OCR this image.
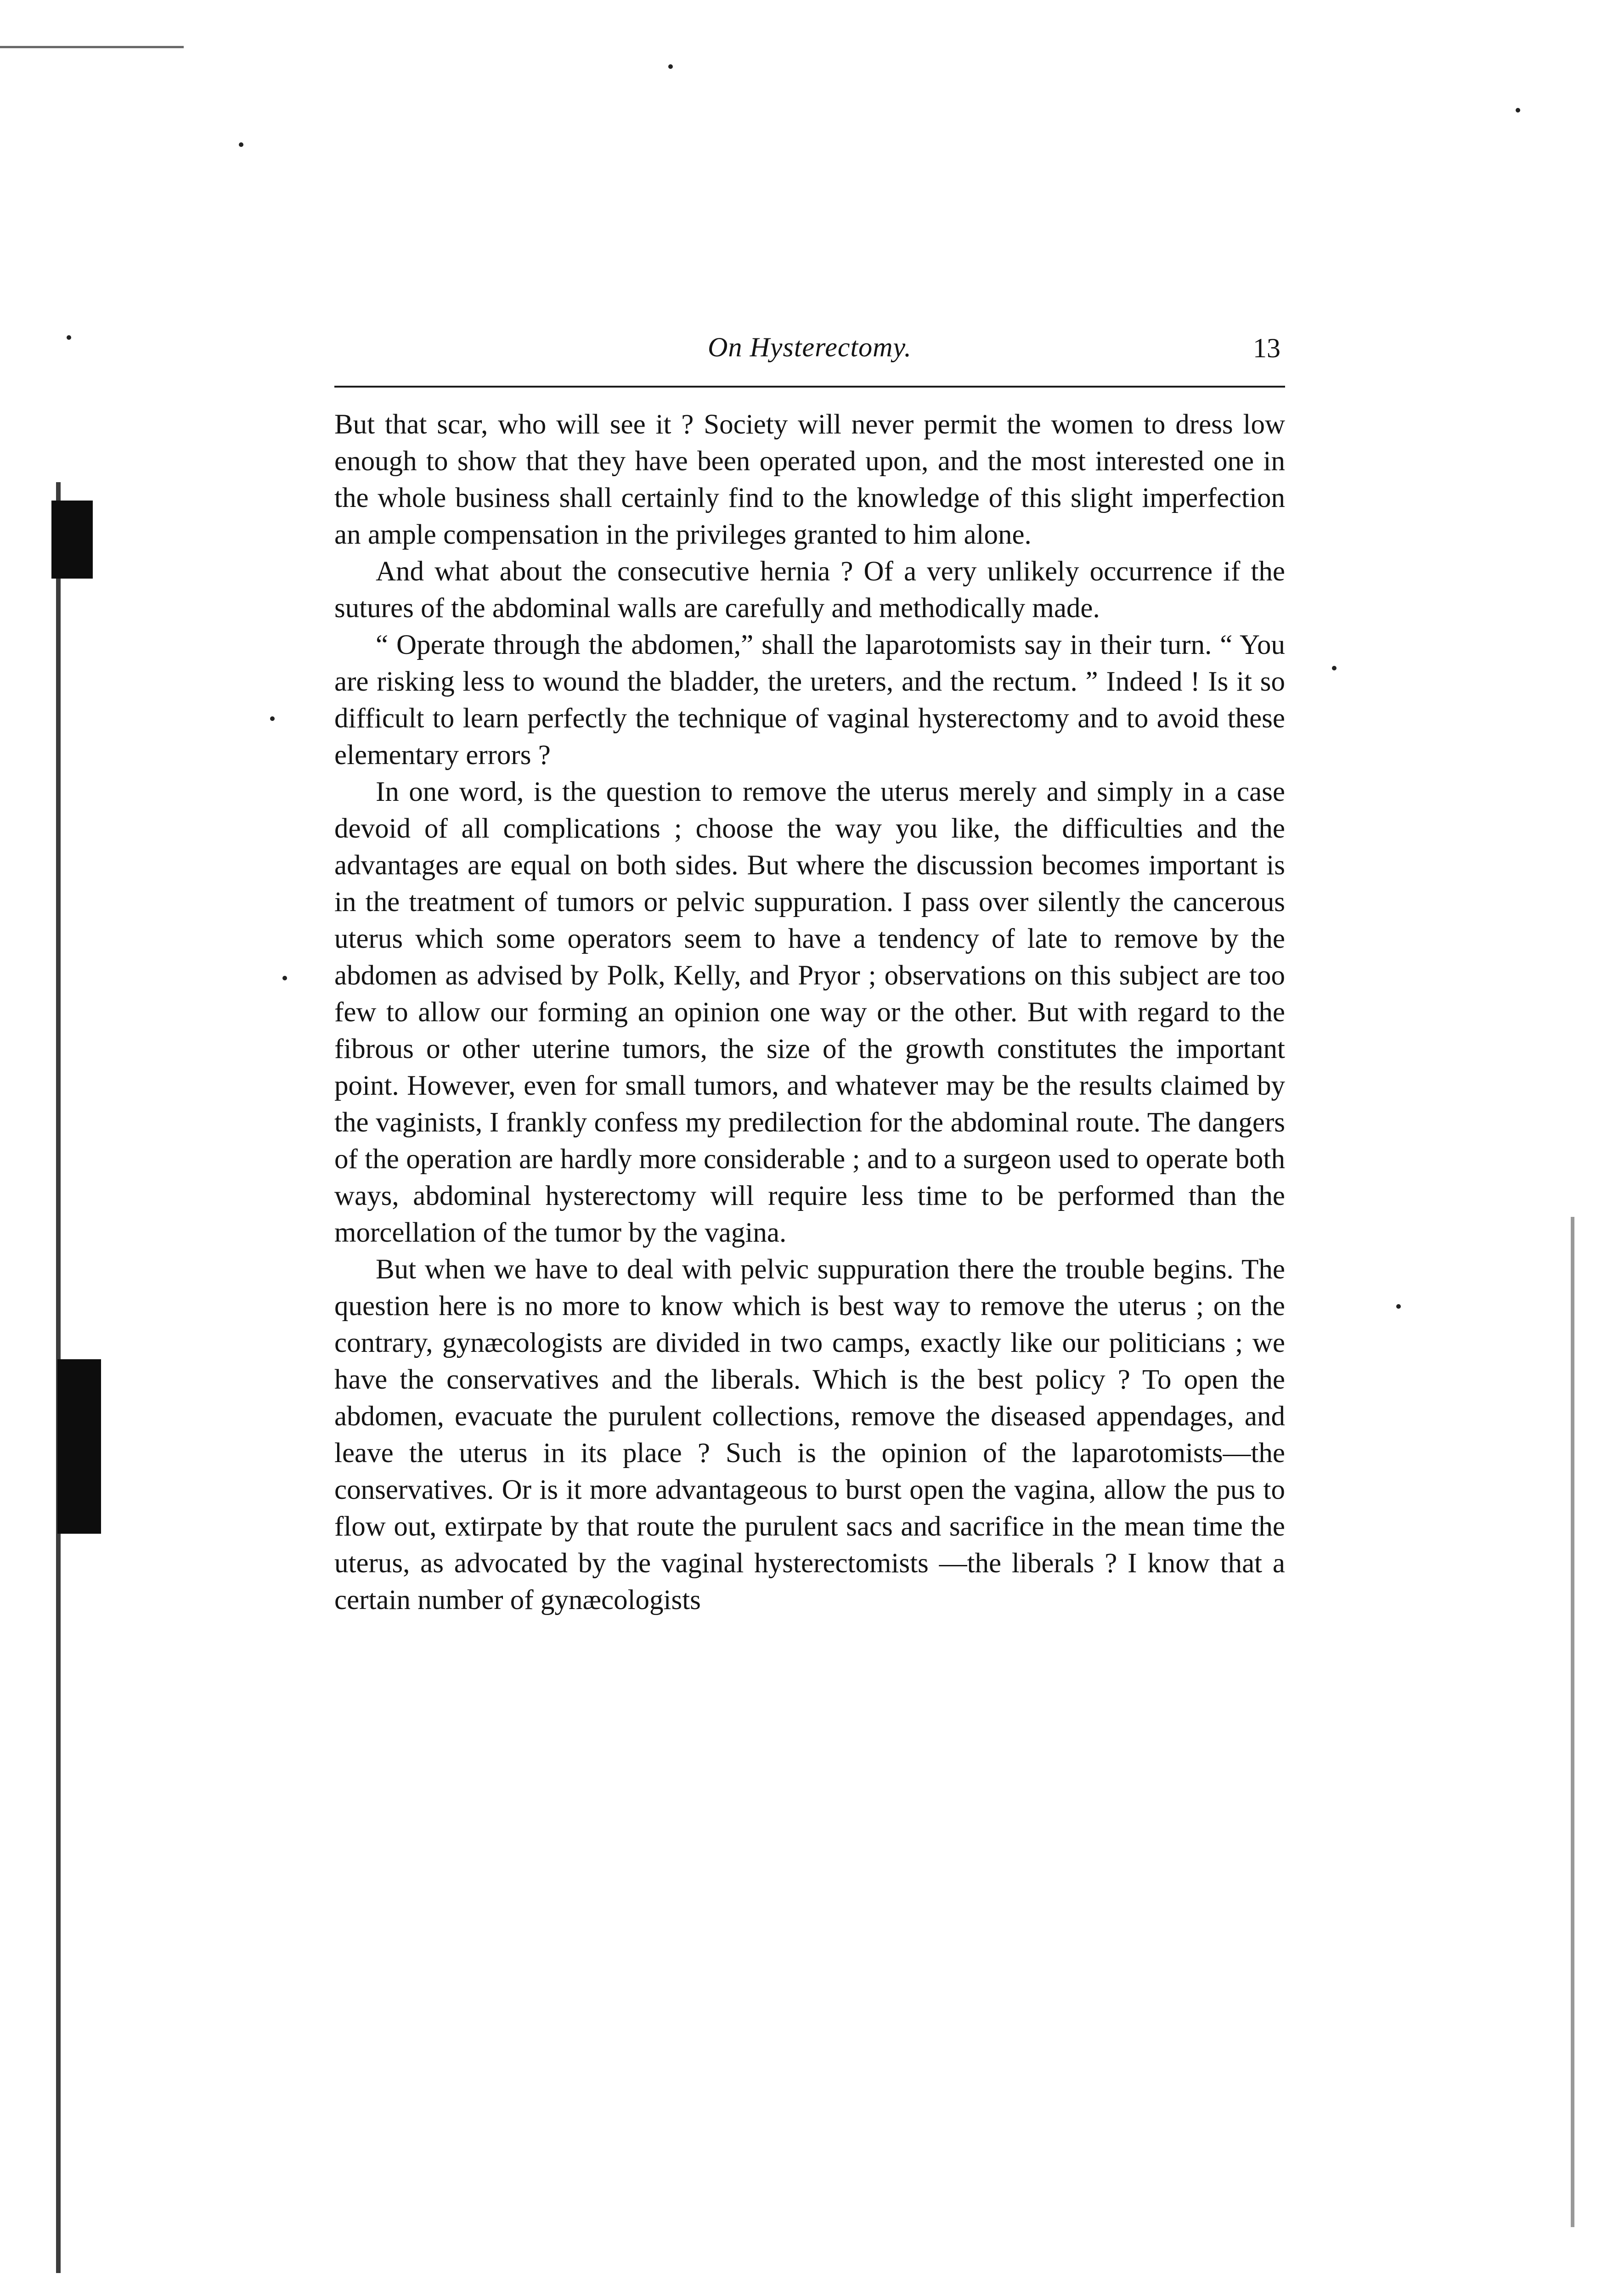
On Hysterectomy.	13

But that scar, who will see it ? Society will never permit the women to dress low enough to show that they have been operated upon, and the most interested one in the whole business shall certainly find to the knowledge of this slight imperfection an ample compensation in the privileges granted to him alone.

And what about the consecutive hernia ? Of a very unlikely occurrence if the sutures of the abdominal walls are carefully and methodically made.

“ Operate through the abdomen,” shall the laparotomists say in their turn. “ You are risking less to wound the bladder, the ureters, and the rectum. ” Indeed ! Is it so difficult to learn perfectly the technique of vaginal hysterectomy and to avoid these elementary errors ?

In one word, is the question to remove the uterus merely and simply in a case devoid of all complications ; choose the way you like, the difficulties and the advantages are equal on both sides. But where the discussion becomes important is in the treatment of tumors or pelvic suppuration. I pass over silently the cancerous uterus which some operators seem to have a tendency of late to remove by the abdomen as advised by Polk, Kelly, and Pryor ; observations on this subject are too few to allow our forming an opinion one way or the other. But with regard to the fibrous or other uterine tumors, the size of the growth constitutes the important point. However, even for small tumors, and whatever may be the results claimed by the vaginists, I frankly confess my predilection for the abdominal route. The dangers of the operation are hardly more considerable ; and to a surgeon used to operate both ways, abdominal hysterectomy will require less time to be performed than the morcellation of the tumor by the vagina.

But when we have to deal with pelvic suppuration there the trouble begins. The question here is no more to know which is best way to remove the uterus ; on the contrary, gynæcologists are divided in two camps, exactly like our politicians ; we have the conservatives and the liberals. Which is the best policy ? To open the abdomen, evacuate the purulent collections, remove the diseased appendages, and leave the uterus in its place ? Such is the opinion of the laparotomists—the conservatives. Or is it more advantageous to burst open the vagina, allow the pus to flow out, extirpate by that route the purulent sacs and sacrifice in the mean time the uterus, as advocated by the vaginal hysterectomists —the liberals ? I know that a certain number of gynæcologists
